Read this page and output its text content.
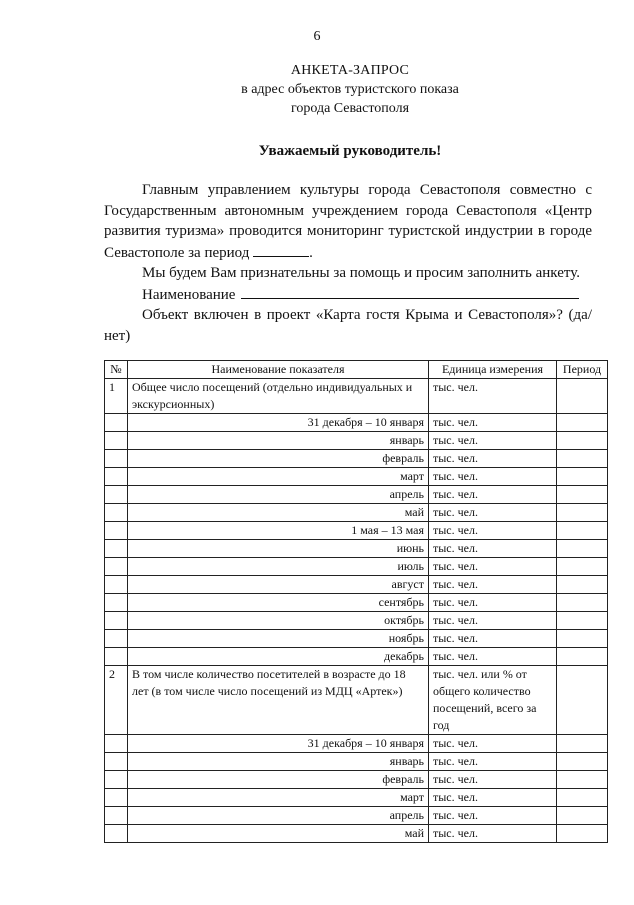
6
АНКЕТА-ЗАПРОС
в адрес объектов туристского показа
города Севастополя
Уважаемый руководитель!

Главным управлением культуры города Севастополя совместно с Государственным автономным учреждением города Севастополя «Центр развития туризма» проводится мониторинг туристской индустрии в городе Севастополе за период	.

Мы будем Вам признательны за помощь и просим заполнить анкету.

Наименование

Объект включен в проект «Карта гостя Крыма и Севастополя»? (да/нет)

№	Наименование показателя	Единица измерения	Период
1	Общее число посещений (отдельно индивидуальных и экскурсионных)	тыс. чел.	
	31 декабря – 10 января	тыс. чел.	
	январь	тыс. чел.	
	февраль	тыс. чел.	
	март	тыс. чел.	
	апрель	тыс. чел.	
	май	тыс. чел.	
	1 мая – 13 мая	тыс. чел.	
	июнь	тыс. чел.	
	июль	тыс. чел.	
	август	тыс. чел.	
	сентябрь	тыс. чел.	
	октябрь	тыс. чел.	
	ноябрь	тыс. чел.	
	декабрь	тыс. чел.	
2	В том числе количество посетителей в возрасте до 18 лет (в том числе число посещений из МДЦ «Артек»)	тыс. чел. или % от общего количество посещений, всего за год	
	31 декабря – 10 января	тыс. чел.	
	январь	тыс. чел.	
	февраль	тыс. чел.	
	март	тыс. чел.	
	апрель	тыс. чел.	
	май	тыс. чел.	
